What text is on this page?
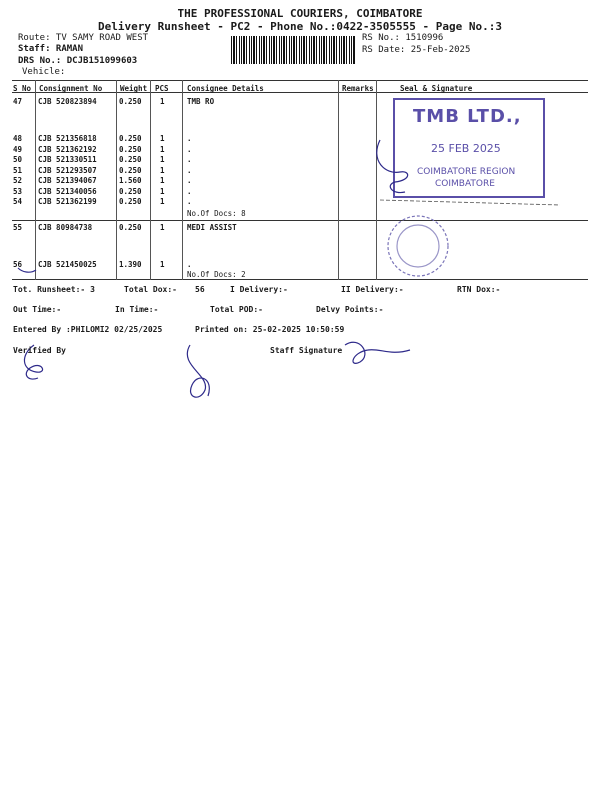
THE PROFESSIONAL COURIERS, COIMBATORE
Delivery Runsheet - PC2 - Phone No.:0422-3505555 - Page No.:3
Route: TV SAMY ROAD WEST
Staff: RAMAN
DRS No.: DCJB151099603
Vehicle:
RS No.: 1510996
RS Date: 25-Feb-2025
S No Consignment No Weight PCS Consignee Details	Remarks	Seal & Signature
TMB LTD.,
25 FEB 2025
COIMBATORE REGION
COIMBATORE
47 CJB 520823894	0.250 1	TMB RO
48 CJB 521356818	0.250 1	.
49 CJB 521362192	0.250 1	.
50 CJB 521330511	0.250 1	.
51 CJB 521293507	0.250 1	.
52 CJB 521394067	1.560 1	.
53 CJB 521340056	0.250 1	.
54 CJB 521362199	0.250 1	.
No.Of Docs: 8
55 CJB 80984738	0.250 1	MEDI ASSIST
56 CJB 521450025	1.390 1	.
No.Of Docs: 2
Tot. Runsheet:- 3	Total Dox:- 56	I Delivery:-	II Delivery:-	RTN Dox:-
Out Time:-	In Time:-	Total POD:-	Delvy Points:-
Entered By :PHILOMI2 02/25/2025	Printed on: 25-02-2025 10:50:59
Verified By	Staff Signature
